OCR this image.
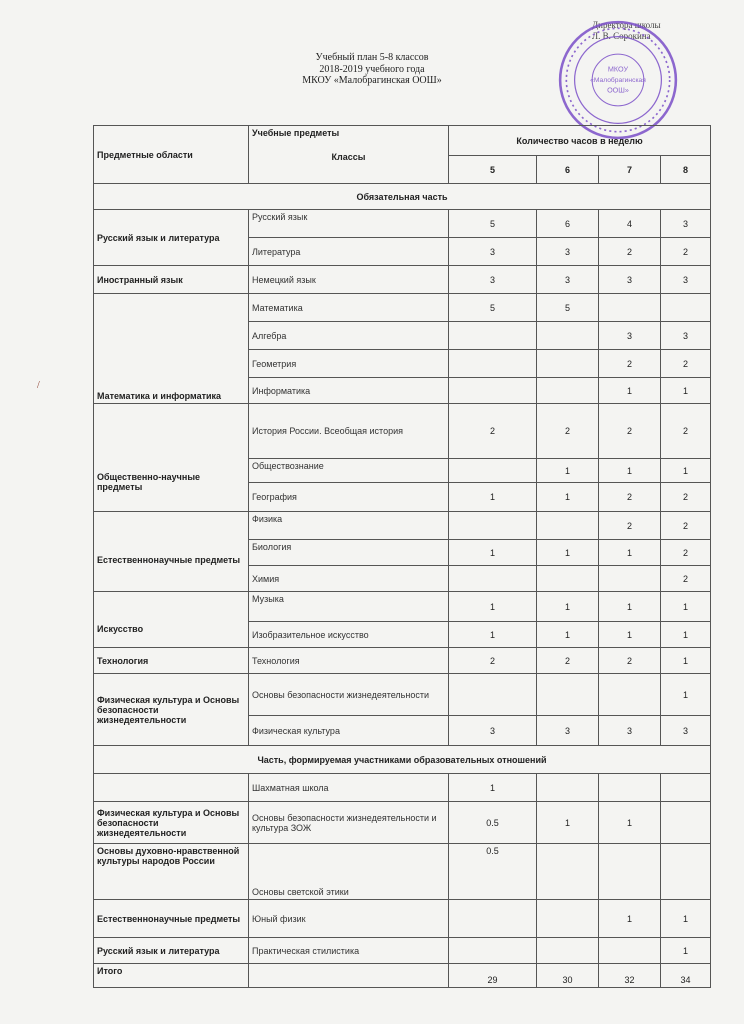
Директора школы
Л. В. Сорокина
МКОУ
«Малобрагинская
ООШ»
Учебный план 5-8 классов
2018-2019 учебного года
МКОУ «Малобрагинская ООШ»
/
Предметные области	Учебные предметы
Классы	Количество часов в неделю			
		5	6	7	8
Обязательная часть					
Русский язык и литература	Русский язык	5	6	4	3
	Литература	3	3	2	2
Иностранный язык	Немецкий язык	3	3	3	3
Математика и информатика	Математика	5	5		
	Алгебра			3	3
	Геометрия			2	2
	Информатика			1	1
Общественно-научные предметы	История России. Всеобщая история	2	2	2	2
	Обществознание		1	1	1
	География	1	1	2	2
Естественнонаучные предметы	Физика			2	2
	Биология	1	1	1	2
	Химия				2
Искусство	Музыка	1	1	1	1
	Изобразительное искусство	1	1	1	1
Технология	Технология	2	2	2	1
Физическая культура и Основы безопасности жизнедеятельности	Основы безопасности жизнедеятельности				1
	Физическая культура	3	3	3	3
Часть, формируемая участниками образовательных отношений					
	Шахматная школа	1			
Физическая культура и Основы безопасности жизнедеятельности	Основы безопасности жизнедеятельности и культура ЗОЖ	0.5	1	1	
Основы духовно-нравственной культуры народов России	Основы светской этики	0.5			
Естественнонаучные предметы	Юный физик			1	1
Русский язык и литература	Практическая стилистика				1
Итого		29	30	32	34
